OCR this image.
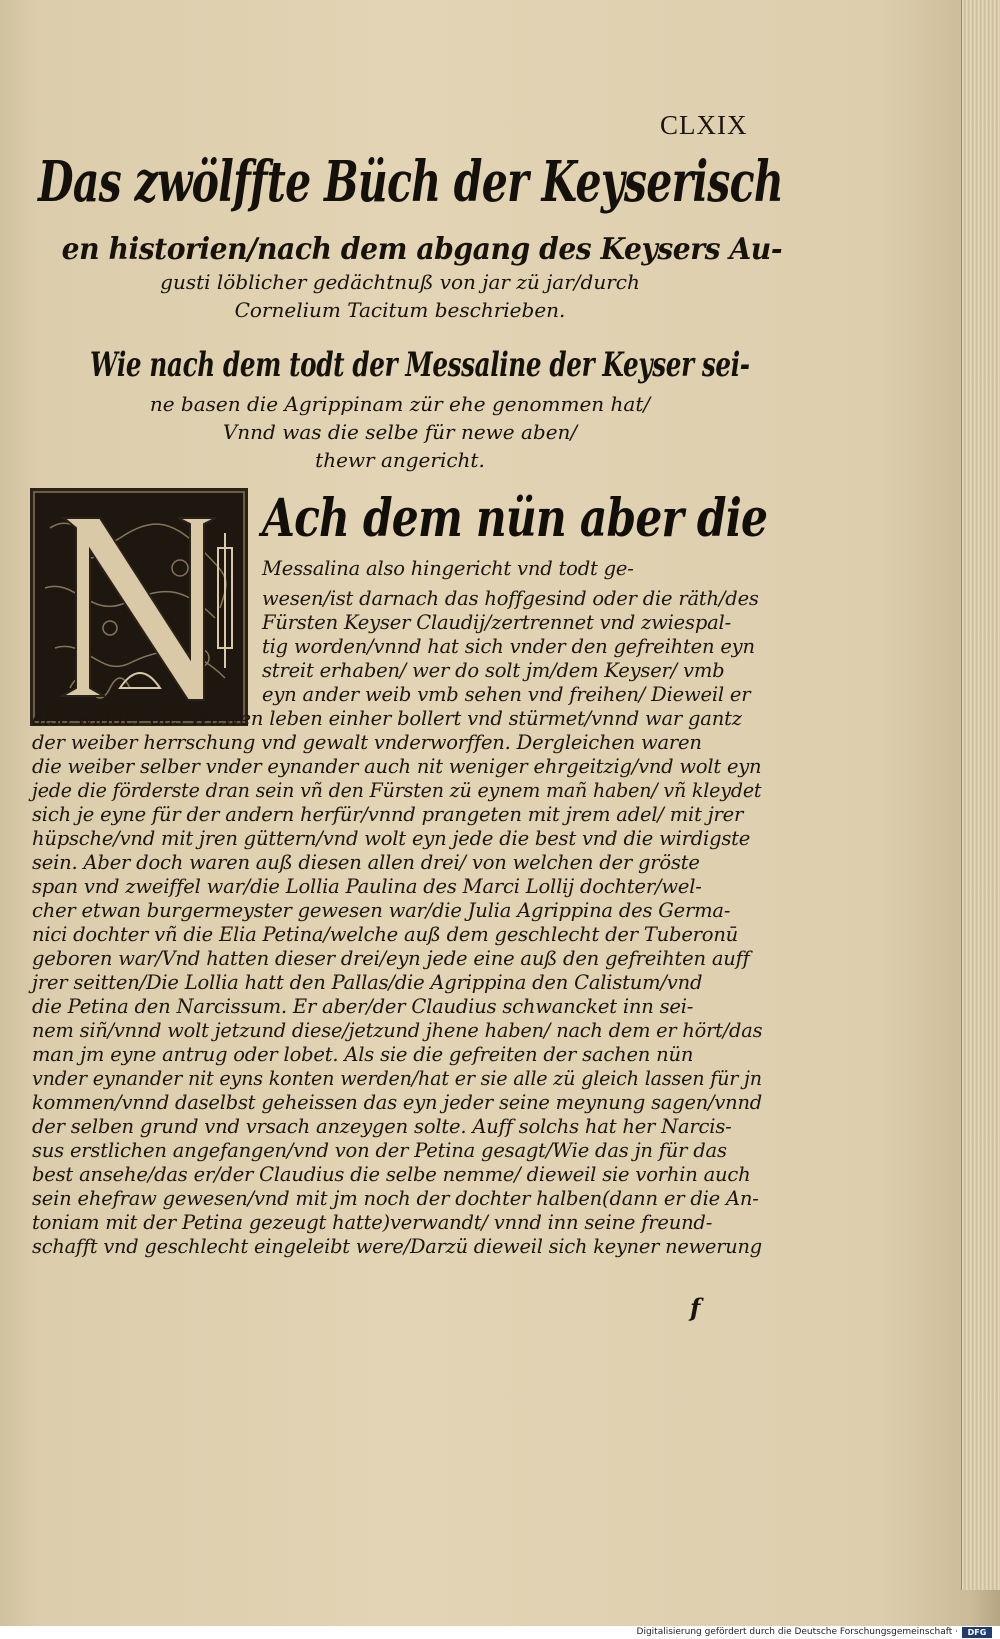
CLXIX
Das zwölffte Büch der Keyserisch
en historien/nach dem abgang des Keysers Au-
gusti löblicher gedächtnuß von jar zü jar/durch
Cornelium Tacitum beschrieben.
Wie nach dem todt der Messaline der Keyser sei-
ne basen die Agrippinam zür ehe genommen hat/
Vnnd was die selbe für newe aben/
thewr angericht.
Ach dem nün aber die
Messalina also hingericht vnd todt ge-
wesen/ist darnach das hoffgesind oder die räth/des
Fürsten Keyser Claudij/zertrennet vnd zwiespal-
tig worden/vnnd hat sich vnder den gefreihten eyn
streit erhaben/ wer do solt jm/dem Keyser/ vmb
eyn ander weib vmb sehen vnd freihen/ Dieweil er
also widder das Witwen leben einher bollert vnd stürmet/vnnd war gantz
der weiber herrschung vnd gewalt vnderworffen. Dergleichen waren
die weiber selber vnder eynander auch nit weniger ehrgeitzig/vnd wolt eyn
jede die förderste dran sein vñ den Fürsten zü eynem mañ haben/ vñ kleydet
sich je eyne für der andern herfür/vnnd prangeten mit jrem adel/ mit jrer
hüpsche/vnd mit jren güttern/vnd wolt eyn jede die best vnd die wirdigste
sein. Aber doch waren auß diesen allen drei/ von welchen der gröste
span vnd zweiffel war/die Lollia Paulina des Marci Lollij dochter/wel-
cher etwan burgermeyster gewesen war/die Julia Agrippina des Germa-
nici dochter vñ die Elia Petina/welche auß dem geschlecht der Tuberonū
geboren war/Vnd hatten dieser drei/eyn jede eine auß den gefreihten auff
jrer seitten/Die Lollia hatt den Pallas/die Agrippina den Calistum/vnd
die Petina den Narcissum. Er aber/der Claudius schwancket inn sei-
nem siñ/vnnd wolt jetzund diese/jetzund jhene haben/ nach dem er hört/das
man jm eyne antrug oder lobet. Als sie die gefreiten der sachen nün
vnder eynander nit eyns konten werden/hat er sie alle zü gleich lassen für jn
kommen/vnnd daselbst geheissen das eyn jeder seine meynung sagen/vnnd
der selben grund vnd vrsach anzeygen solte. Auff solchs hat her Narcis-
sus erstlichen angefangen/vnd von der Petina gesagt/Wie das jn für das
best ansehe/das er/der Claudius die selbe nemme/ dieweil sie vorhin auch
sein ehefraw gewesen/vnd mit jm noch der dochter halben(dann er die An-
toniam mit der Petina gezeugt hatte)verwandt/ vnnd inn seine freund-
schafft vnd geschlecht eingeleibt were/Darzü dieweil sich keyner newerung
f
Digitalisierung gefördert durch die Deutsche Forschungsgemeinschaft ·	DFG
